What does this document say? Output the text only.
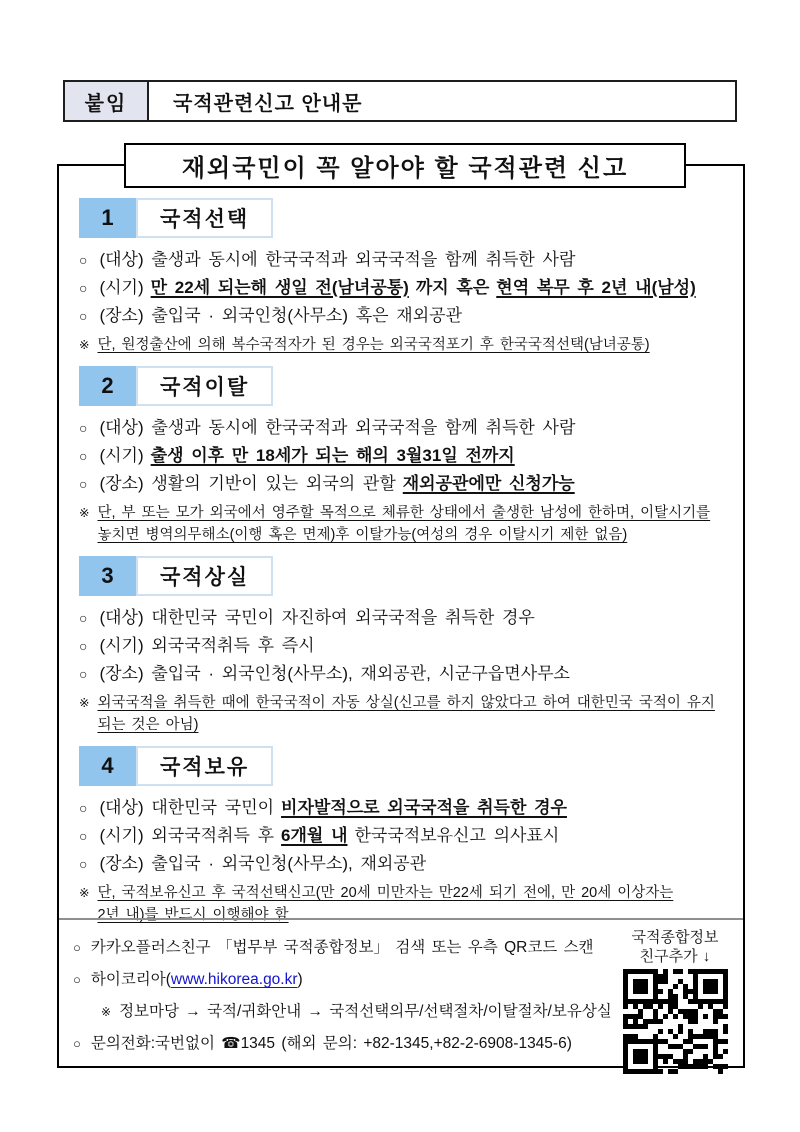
붙임	국적관련신고 안내문
재외국민이 꼭 알아야 할 국적관련 신고
1	국적선택
○ (대상) 출생과 동시에 한국국적과 외국국적을 함께 취득한 사람
○ (시기) 만 22세 되는해 생일 전(남녀공통) 까지 혹은 현역 복무 후 2년 내(남성)
○ (장소) 출입국 · 외국인청(사무소) 혹은 재외공관
※ 단, 원정출산에 의해 복수국적자가 된 경우는 외국국적포기 후 한국국적선택(남녀공통)
2	국적이탈
○ (대상) 출생과 동시에 한국국적과 외국국적을 함께 취득한 사람
○ (시기) 출생 이후 만 18세가 되는 해의 3월31일 전까지
○ (장소) 생활의 기반이 있는 외국의 관할 재외공관에만 신청가능
※ 단, 부 또는 모가 외국에서 영주할 목적으로 체류한 상태에서 출생한 남성에 한하며, 이탈시기를
놓치면 병역의무해소(이행 혹은 면제)후 이탈가능(여성의 경우 이탈시기 제한 없음)
3	국적상실
○ (대상) 대한민국 국민이 자진하여 외국국적을 취득한 경우
○ (시기) 외국국적취득 후 즉시
○ (장소) 출입국 · 외국인청(사무소), 재외공관, 시군구읍면사무소
※ 외국국적을 취득한 때에 한국국적이 자동 상실(신고를 하지 않았다고 하여 대한민국 국적이 유지
되는 것은 아님)
4	국적보유
○ (대상) 대한민국 국민이 비자발적으로 외국국적을 취득한 경우
○ (시기) 외국국적취득 후 6개월 내 한국국적보유신고 의사표시
○ (장소) 출입국 · 외국인청(사무소), 재외공관
※ 단, 국적보유신고 후 국적선택신고(만 20세 미만자는 만22세 되기 전에, 만 20세 이상자는
2년 내)를 반드시 이행해야 함
○ 카카오플러스친구 「법무부 국적종합정보」 검색 또는 우측 QR코드 스캔
○ 하이코리아( www.hikorea.go.kr )
※ 정보마당 → 국적/귀화안내 → 국적선택의무/선택절차/이탈절차/보유상실
○ 문의전화:국번없이 ☎1345 (해외 문의: +82-1345,+82-2-6908-1345-6)
국적종합정보
친구추가 ↓
